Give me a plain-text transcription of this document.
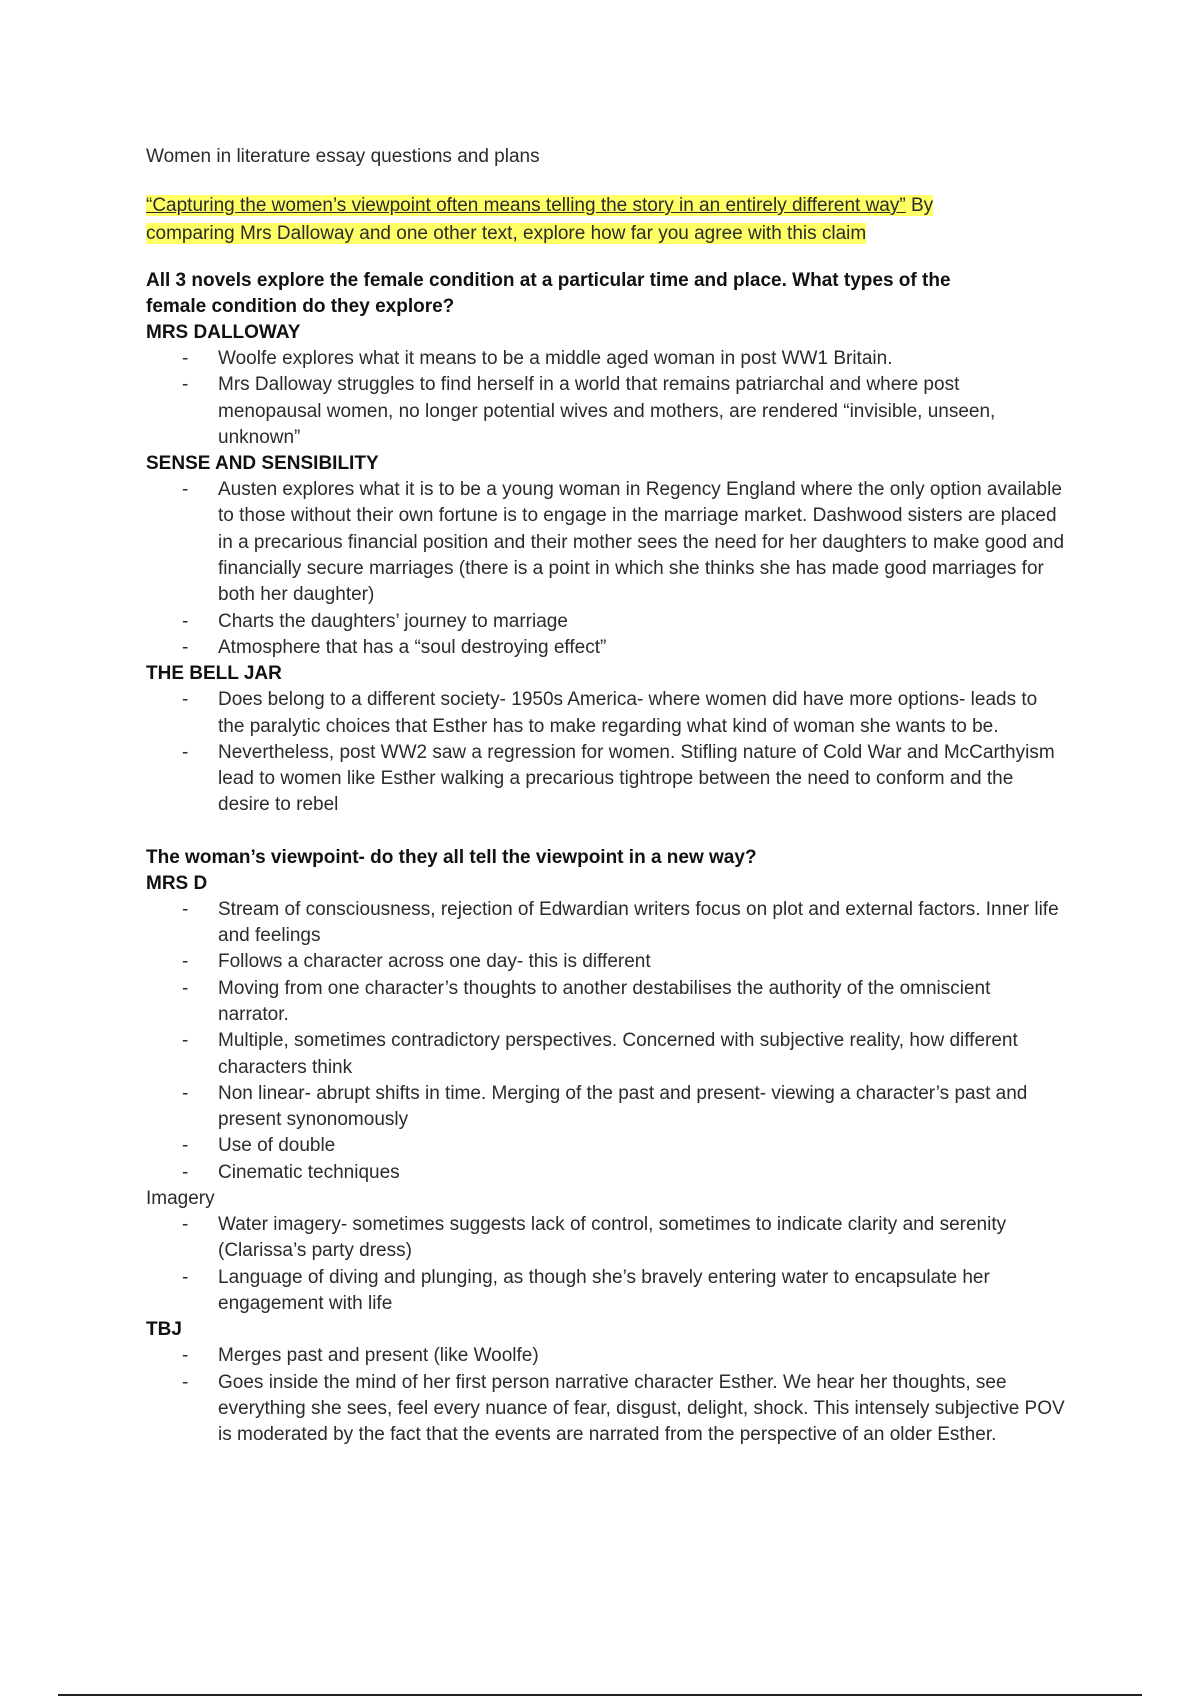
Women in literature essay questions and plans

“Capturing the women’s viewpoint often means telling the story in an entirely different way” By
comparing Mrs Dalloway and one other text, explore how far you agree with this claim

All 3 novels explore the female condition at a particular time and place. What types of the
female condition do they explore?

MRS DALLOWAY

- Woolfe explores what it means to be a middle aged woman in post WW1 Britain.
- Mrs Dalloway struggles to find herself in a world that remains patriarchal and where post menopausal women, no longer potential wives and mothers, are rendered “invisible, unseen, unknown”

SENSE AND SENSIBILITY

- Austen explores what it is to be a young woman in Regency England where the only option available to those without their own fortune is to engage in the marriage market. Dashwood sisters are placed in a precarious financial position and their mother sees the need for her daughters to make good and financially secure marriages (there is a point in which she thinks she has made good marriages for both her daughter)
- Charts the daughters’ journey to marriage
- Atmosphere that has a “soul destroying effect”

THE BELL JAR

- Does belong to a different society- 1950s America- where women did have more options- leads to the paralytic choices that Esther has to make regarding what kind of woman she wants to be.
- Nevertheless, post WW2 saw a regression for women. Stifling nature of Cold War and McCarthyism lead to women like Esther walking a precarious tightrope between the need to conform and the desire to rebel

The woman’s viewpoint- do they all tell the viewpoint in a new way?

MRS D

- Stream of consciousness, rejection of Edwardian writers focus on plot and external factors. Inner life and feelings
- Follows a character across one day- this is different
- Moving from one character’s thoughts to another destabilises the authority of the omniscient narrator.
- Multiple, sometimes contradictory perspectives. Concerned with subjective reality, how different characters think
- Non linear- abrupt shifts in time. Merging of the past and present- viewing a character’s past and present synonomously
- Use of double
- Cinematic techniques

Imagery

- Water imagery- sometimes suggests lack of control, sometimes to indicate clarity and serenity (Clarissa’s party dress)
- Language of diving and plunging, as though she’s bravely entering water to encapsulate her engagement with life

TBJ

- Merges past and present (like Woolfe)
- Goes inside the mind of her first person narrative character Esther. We hear her thoughts, see everything she sees, feel every nuance of fear, disgust, delight, shock. This intensely subjective POV is moderated by the fact that the events are narrated from the perspective of an older Esther.
